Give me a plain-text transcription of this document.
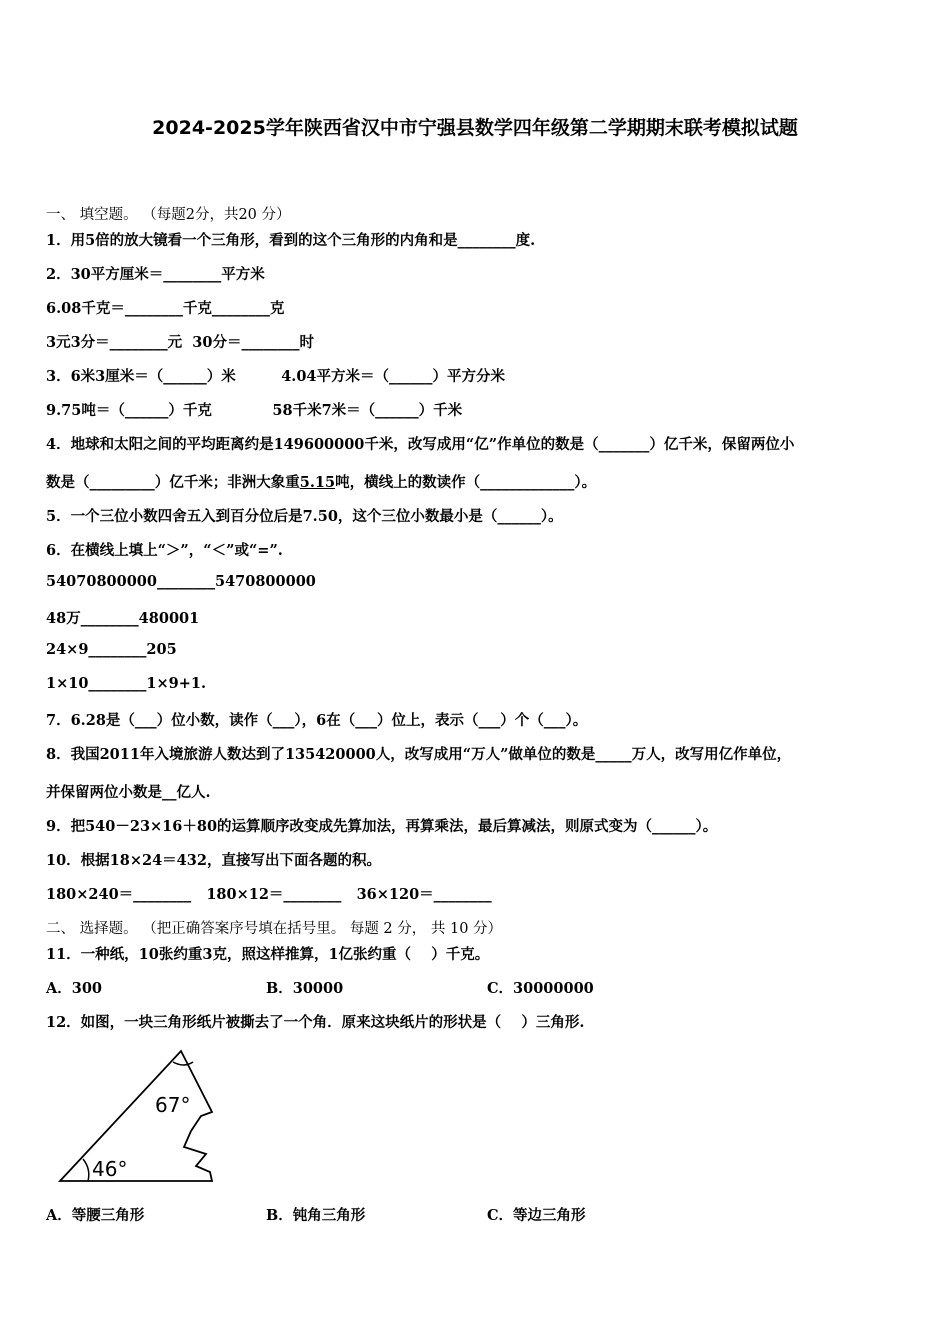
2024-2025学年陕西省汉中市宁强县数学四年级第二学期期末联考模拟试题
一、 填空题。 （每题2分，共20 分）
1．用5倍的放大镜看一个三角形，看到的这个三角形的内角和是________度.
2．30平方厘米＝________平方米
6.08千克＝________千克________克
3元3分＝________元  30分＝________时
3．6米3厘米＝（______）米         4.04平方米＝（______）平方分米
9.75吨＝（______）千克            58千米7米＝（______）千米
4．地球和太阳之间的平均距离约是149600000千米，改写成用“亿”作单位的数是（_______）亿千米，保留两位小
数是（_________）亿千米；非洲大象重5.15吨，横线上的数读作（_____________）。
5．一个三位小数四舍五入到百分位后是7.50，这个三位小数最小是（______）。
6．在横线上填上“＞”，“＜”或“=”.
54070800000________5470800000
48万________480001
24×9________205
1×10________1×9+1.
7．6.28是（___）位小数，读作（___），6在（___）位上，表示（___）个（___）。
8．我国2011年入境旅游人数达到了135420000人，改写成用“万人”做单位的数是_____万人，改写用亿作单位，
并保留两位小数是__亿人.
9．把540－23×16＋80的运算顺序改变成先算加法，再算乘法，最后算减法，则原式变为（______）。
10．根据18×24＝432，直接写出下面各题的积。
180×240＝________   180×12＝________   36×120＝________
二、 选择题。 （把正确答案序号填在括号里。 每题 2 分， 共 10 分）
11．一种纸，10张约重3克，照这样推算，1亿张约重（    ）千克。
A．300	B．30000	C．30000000
12．如图，一块三角形纸片被撕去了一个角．原来这块纸片的形状是（    ）三角形.
67°
46°
A．等腰三角形	B．钝角三角形	C．等边三角形
